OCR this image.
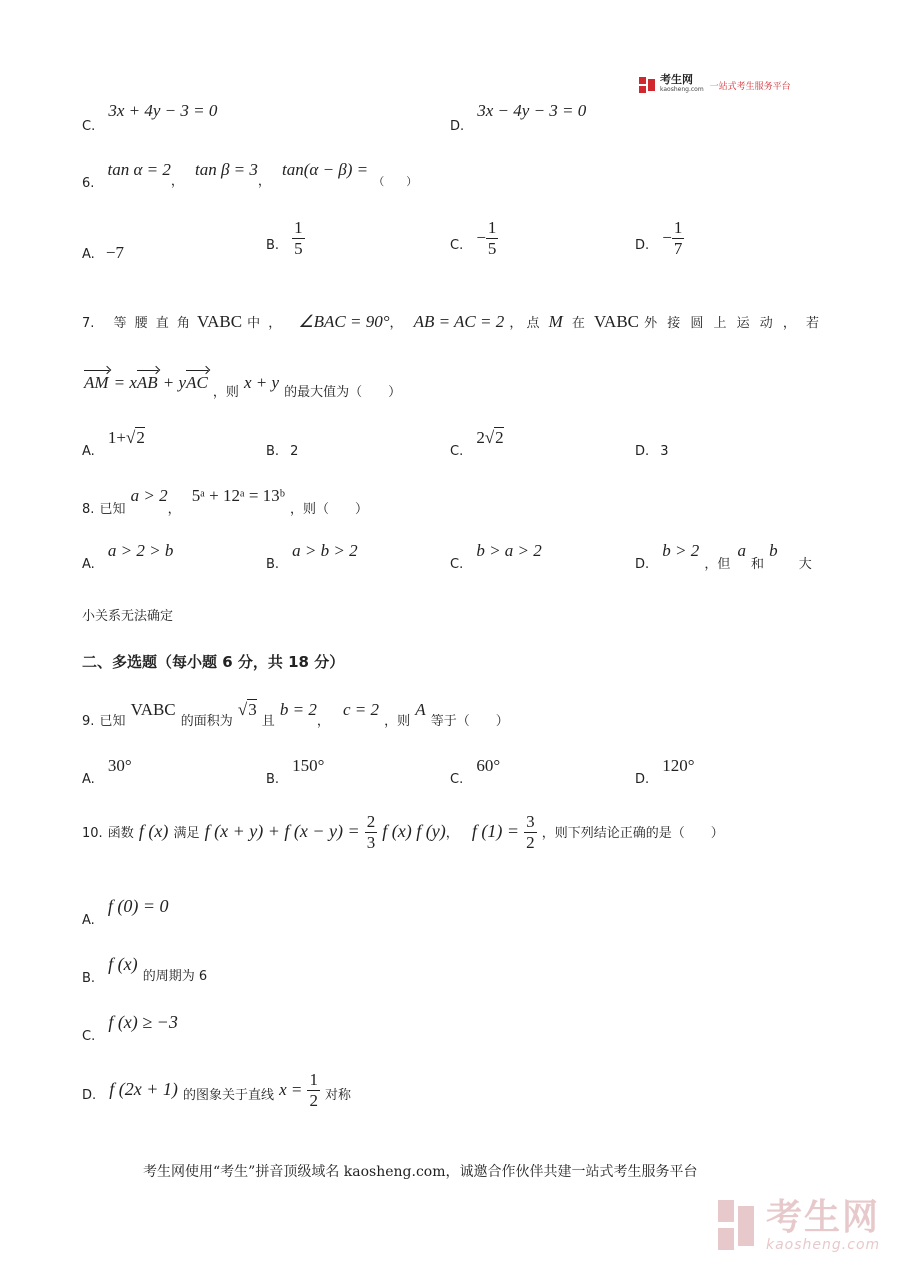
考生网
kaosheng.com 一站式考生服务平台
$_{C.}$ 3x + 4y − 3 = 0
$_{D.}$ 3x − 4y − 3 = 0
$_{6.}$ $\tan \alpha = 2_,$ $\tan \beta = 3_,$ tan(α − β) = $_{( )}$
A. −7	$_{B.} \frac{1}{5}$	$_{C.} - \frac{1}{5}$	$_{D.} - \frac{1}{7}$
7. 等 腰 直 角 VABC 中 ， ∠BAC = 90°， AB = AC = 2 ， 点 M 在 VABC 外 接 圆 上 运 动 ， 若
AM = xAB + yAC $_{,则}$ x + y $_{的最大值为( )}$
$_{A.}$ 1+√2
B. 2	$_{C.}$ 2√2
D. 3
$_{8.}$ $_{已知}$ $a > 2_,$ 5ᵃ + 12ᵃ = 13ᵇ $_{,则( )}$
$_{A.}$ a > 2 > b
$_{B.}$ a > b > 2
$_{C.}$ b > a > 2
$_{D.}$ b > 2 $_{,但}$ a $_和$ b $_大$
小关系无法确定
二、多选题（每小题 6 分，共 18 分）
$_{9.}$ $_{已知}$ VABC $_{的面积为}$ √3 $_且$ $b = 2_,$ c = 2 $_{,则}$ A $_{等于( )}$
$_{A.}$ 30°
$_{B.}$ 150°
$_{C.}$ 60°
$_{D.}$ 120°
10. 函数 f (x) 满足 f (x + y) + f $(x - y) = \frac{2}{3}$ f (x) f (y)， f $(1) = \frac{3}{2}$ ，则下列结论正确的是（　　）
$_{A.}$ f (0) = 0
$_{B.}$ f (x) $_{的周期为 6}$
$_{C.}$ f (x) ≥ −3
$_{D.}$ f (2x + 1) $_{的图象关于直线}$ $x = \frac{1}{2} _{对称}$
考生网使用“考生”拼音顶级域名 kaosheng.com，诚邀合作伙伴共建一站式考生服务平台
考生网
kaosheng.com
